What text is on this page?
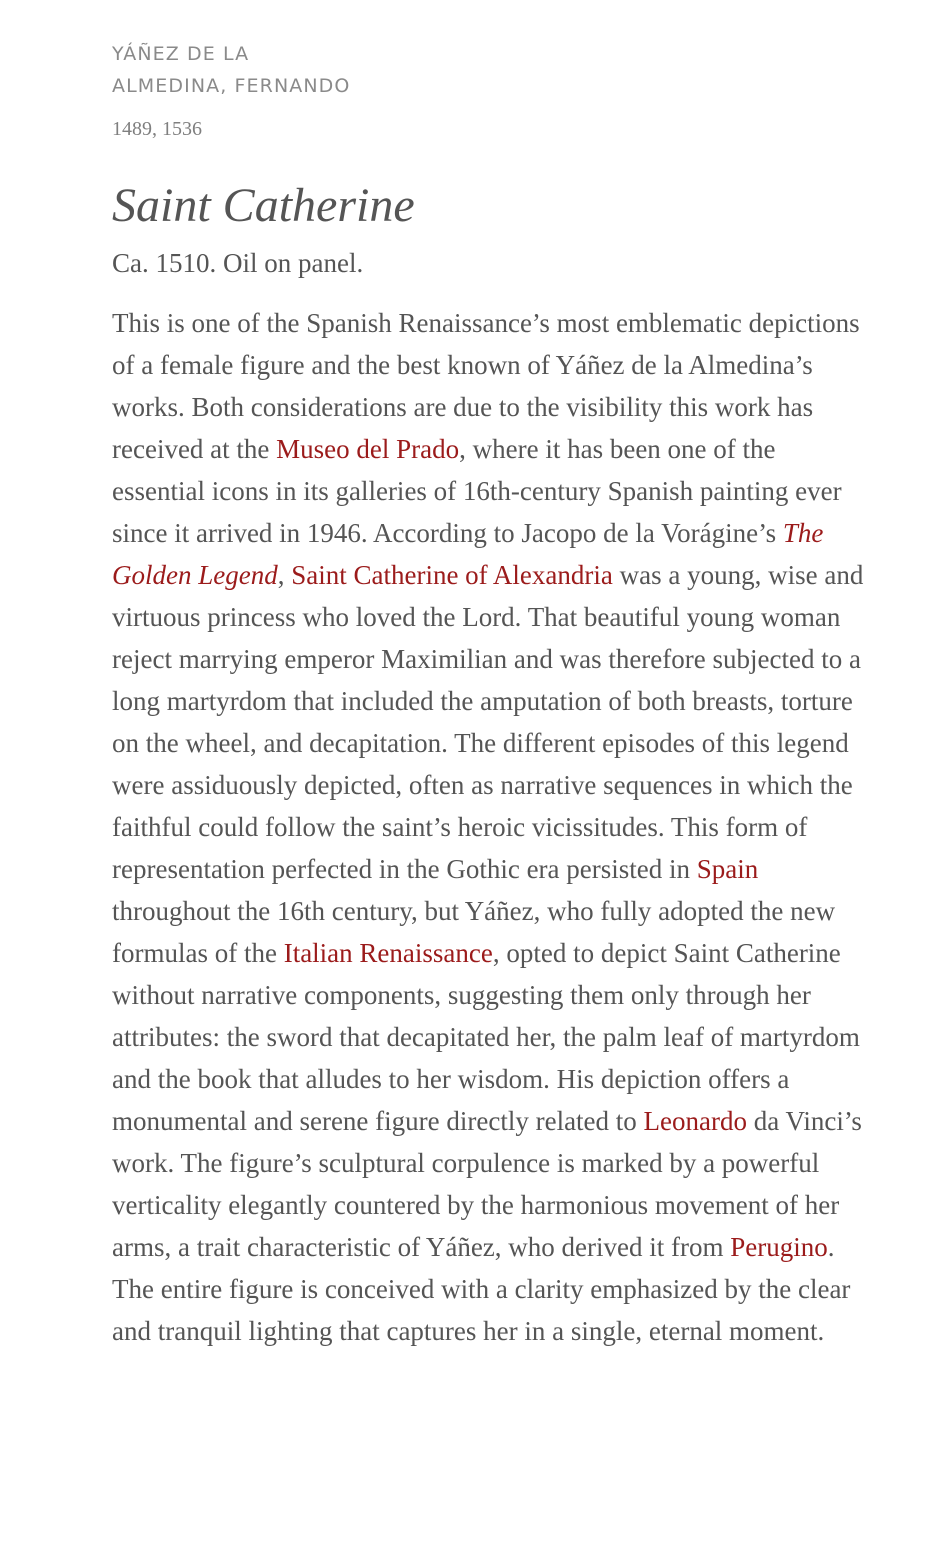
YÁÑEZ DE LA
ALMEDINA, FERNANDO
1489, 1536
Saint Catherine
Ca. 1510. Oil on panel.

This is one of the Spanish Renaissance’s most emblematic depictions of a female figure and the best known of Yáñez de la Almedina’s works. Both considerations are due to the visibility this work has received at the Museo del Prado, where it has been one of the essential icons in its galleries of 16th-century Spanish painting ever since it arrived in 1946. According to Jacopo de la Vorágine’s The Golden Legend, Saint Catherine of Alexandria was a young, wise and virtuous princess who loved the Lord. That beautiful young woman reject marrying emperor Maximilian and was therefore subjected to a long martyrdom that included the amputation of both breasts, torture on the wheel, and decapitation. The different episodes of this legend were assiduously depicted, often as narrative sequences in which the faithful could follow the saint’s heroic vicissitudes. This form of representation perfected in the Gothic era persisted in Spain throughout the 16th century, but Yáñez, who fully adopted the new formulas of the Italian Renaissance, opted to depict Saint Catherine without narrative components, suggesting them only through her attributes: the sword that decapitated her, the palm leaf of martyrdom and the book that alludes to her wisdom. His depiction offers a monumental and serene figure directly related to Leonardo da Vinci’s work. The figure’s sculptural corpulence is marked by a powerful verticality elegantly countered by the harmonious movement of her arms, a trait characteristic of Yáñez, who derived it from Perugino. The entire figure is conceived with a clarity emphasized by the clear and tranquil lighting that captures her in a single, eternal moment.
